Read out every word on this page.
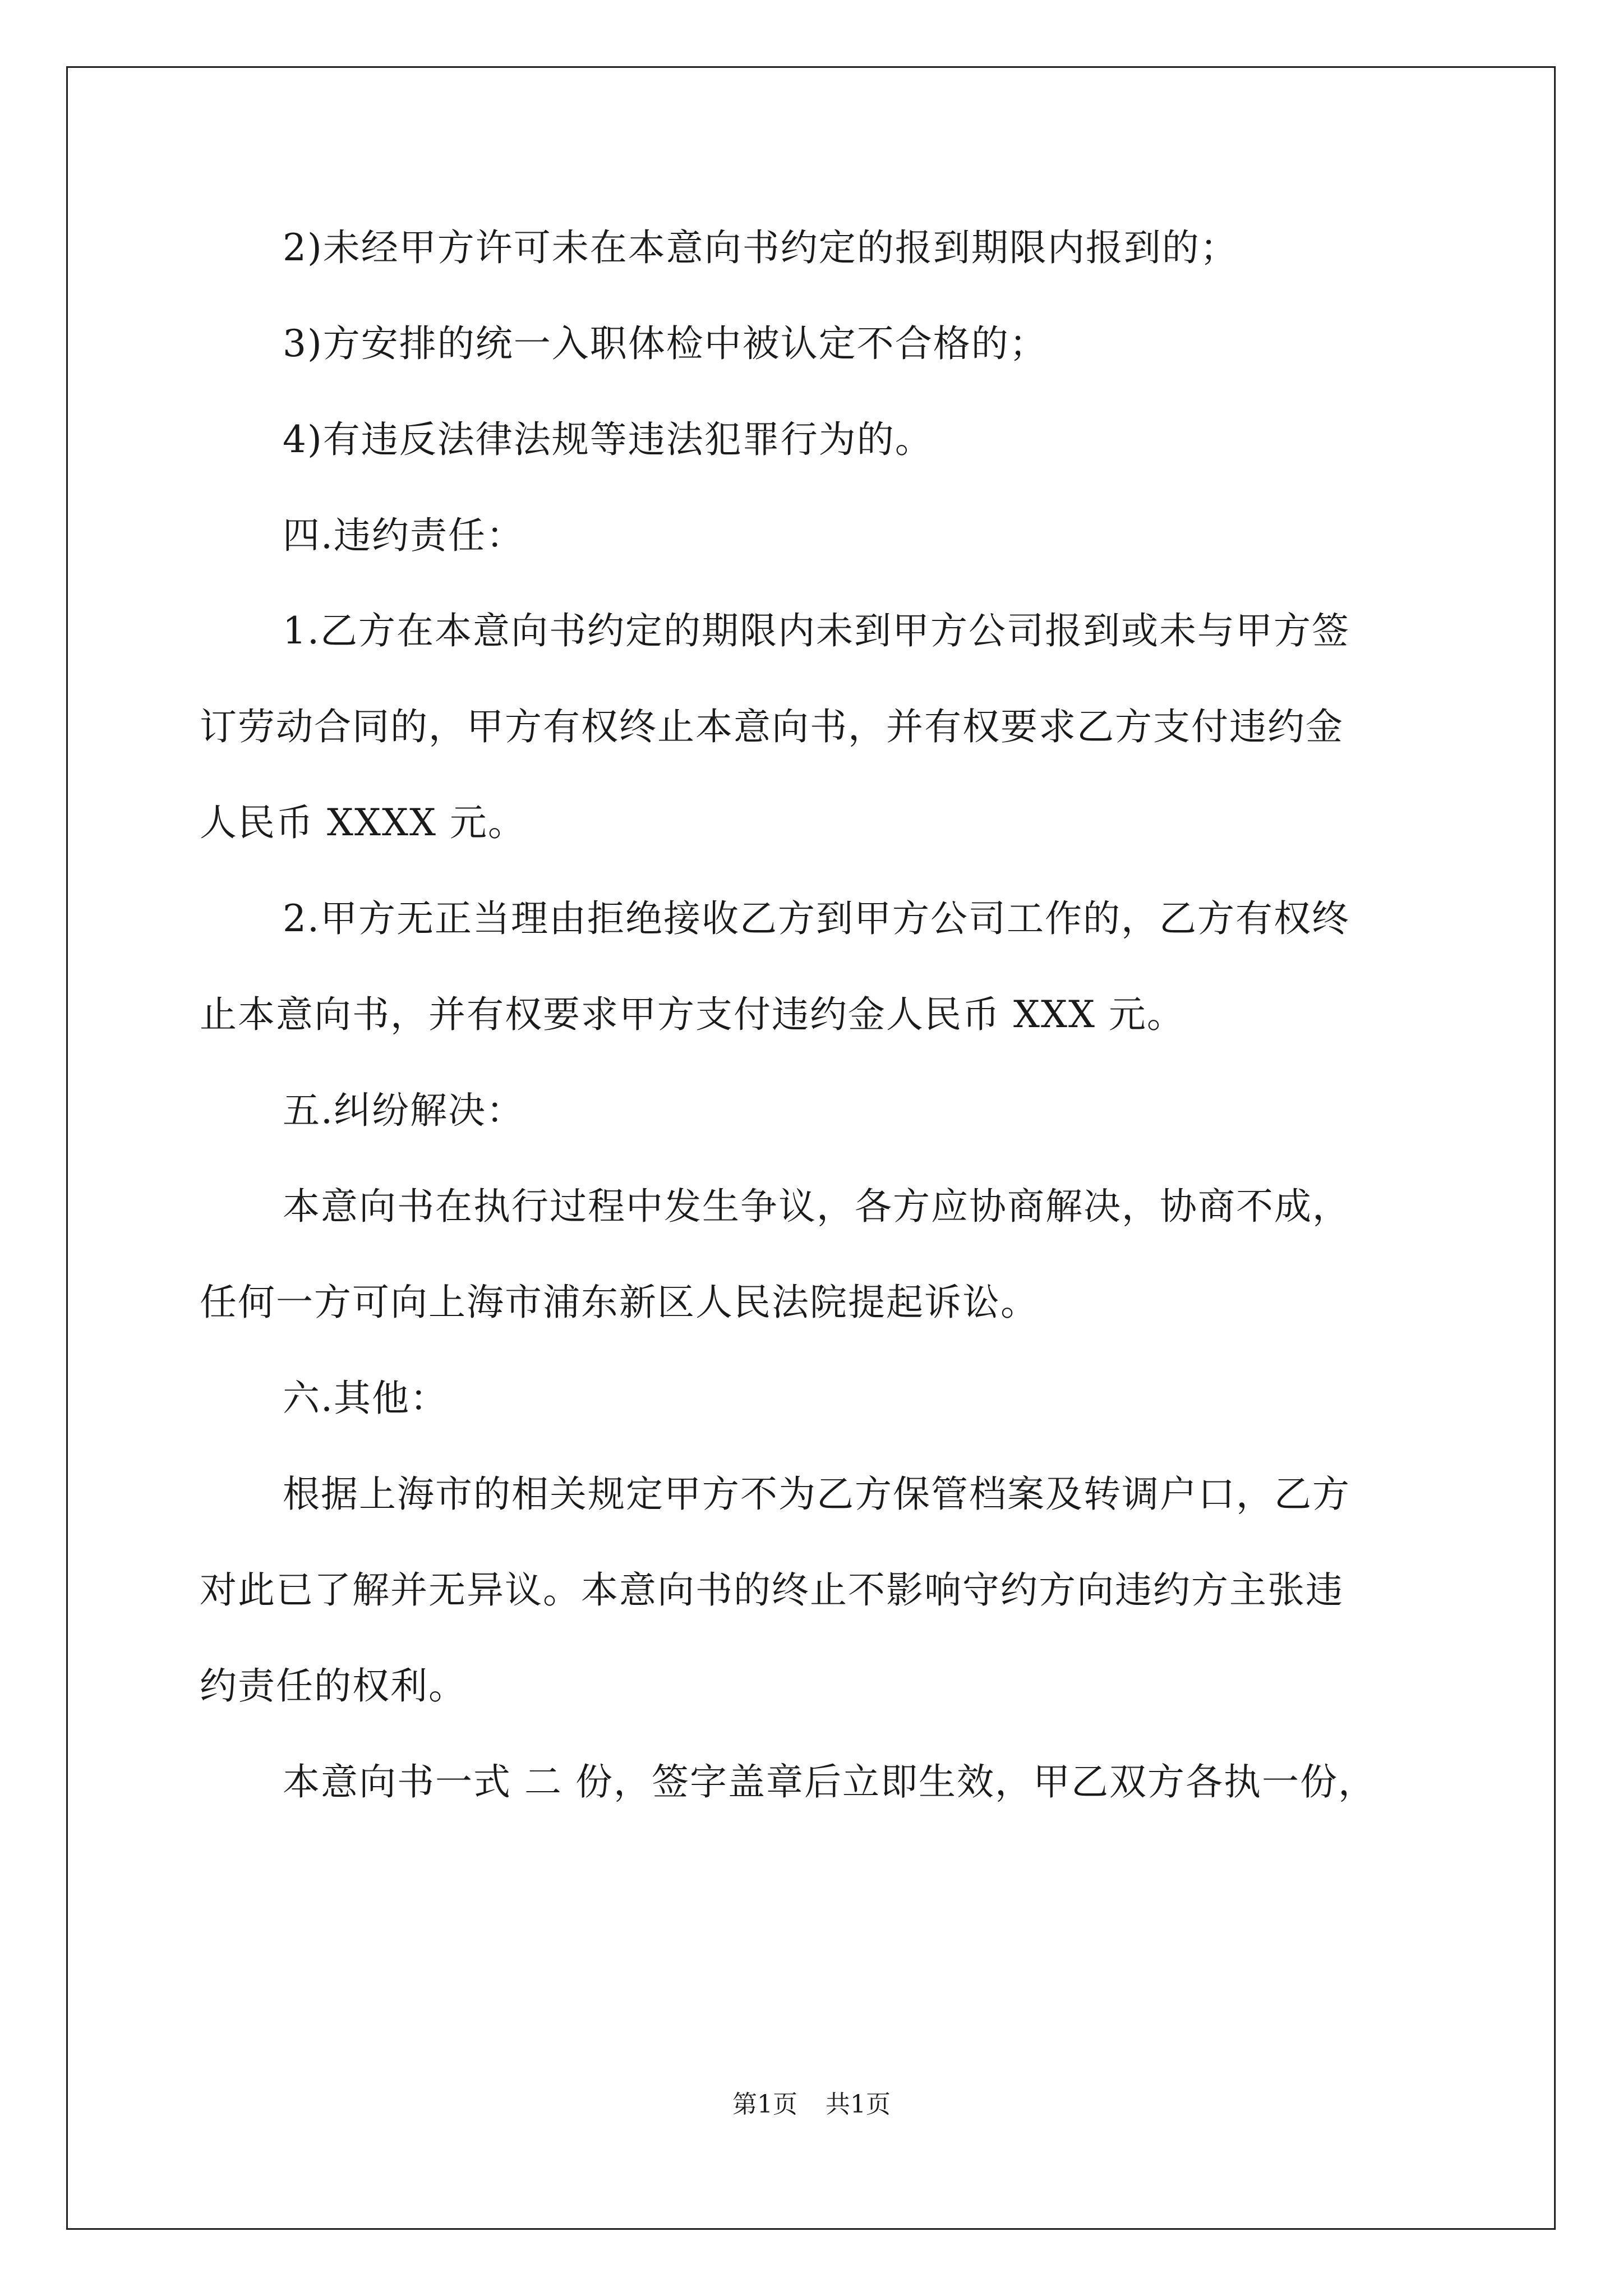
2)未经甲方许可未在本意向书约定的报到期限内报到的；
3)方安排的统一入职体检中被认定不合格的；
4)有违反法律法规等违法犯罪行为的。
四.违约责任：
1.乙方在本意向书约定的期限内未到甲方公司报到或未与甲方签
订劳动合同的，甲方有权终止本意向书，并有权要求乙方支付违约金
人民币 XXXX 元。
2.甲方无正当理由拒绝接收乙方到甲方公司工作的，乙方有权终
止本意向书，并有权要求甲方支付违约金人民币 XXX 元。
五.纠纷解决：
本意向书在执行过程中发生争议，各方应协商解决，协商不成，
任何一方可向上海市浦东新区人民法院提起诉讼。
六.其他：
根据上海市的相关规定甲方不为乙方保管档案及转调户口，乙方
对此已了解并无异议。本意向书的终止不影响守约方向违约方主张违
约责任的权利。
本意向书一式 二 份，签字盖章后立即生效，甲乙双方各执一份，
第1页 共1页
